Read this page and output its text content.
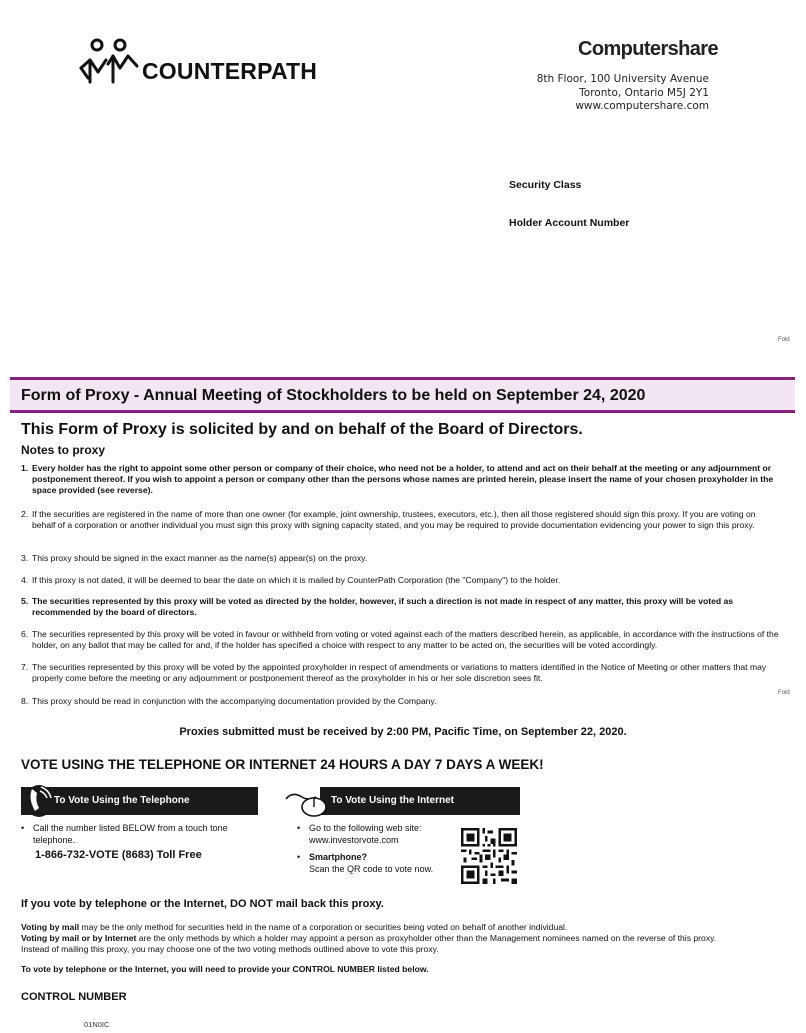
COUNTERPATH
Computershare
8th Floor, 100 University Avenue
Toronto, Ontario M5J 2Y1
www.computershare.com
Security Class
Holder Account Number
Fold
Form of Proxy - Annual Meeting of Stockholders to be held on September 24, 2020
This Form of Proxy is solicited by and on behalf of the Board of Directors.
Notes to proxy
1. Every holder has the right to appoint some other person or company of their choice, who need not be a holder, to attend and act on their behalf at the meeting or any adjournment or postponement thereof. If you wish to appoint a person or company other than the persons whose names are printed herein, please insert the name of your chosen proxyholder in the space provided (see reverse).
2. If the securities are registered in the name of more than one owner (for example, joint ownership, trustees, executors, etc.), then all those registered should sign this proxy. If you are voting on behalf of a corporation or another individual you must sign this proxy with signing capacity stated, and you may be required to provide documentation evidencing your power to sign this proxy.
3. This proxy should be signed in the exact manner as the name(s) appear(s) on the proxy.
4. If this proxy is not dated, it will be deemed to bear the date on which it is mailed by CounterPath Corporation (the "Company") to the holder.
5. The securities represented by this proxy will be voted as directed by the holder, however, if such a direction is not made in respect of any matter, this proxy will be voted as recommended by the board of directors.
6. The securities represented by this proxy will be voted in favour or withheld from voting or voted against each of the matters described herein, as applicable, in accordance with the instructions of the holder, on any ballot that may be called for and, if the holder has specified a choice with respect to any matter to be acted on, the securities will be voted accordingly.
7. The securities represented by this proxy will be voted by the appointed proxyholder in respect of amendments or variations to matters identified in the Notice of Meeting or other matters that may properly come before the meeting or any adjournment or postponement thereof as the proxyholder in his or her sole discretion sees fit.
8. This proxy should be read in conjunction with the accompanying documentation provided by the Company.
Fold
Proxies submitted must be received by 2:00 PM, Pacific Time, on September 22, 2020.
VOTE USING THE TELEPHONE OR INTERNET 24 HOURS A DAY 7 DAYS A WEEK!
To Vote Using the Telephone	To Vote Using the Internet
• Call the number listed BELOW from a touch tone telephone.
1-866-732-VOTE (8683) Toll Free
• Go to the following web site:
www.investorvote.com
• Smartphone?
Scan the QR code to vote now.
If you vote by telephone or the Internet, DO NOT mail back this proxy.
Voting by mail may be the only method for securities held in the name of a corporation or securities being voted on behalf of another individual.
Voting by mail or by Internet are the only methods by which a holder may appoint a person as proxyholder other than the Management nominees named on the reverse of this proxy.
Instead of mailing this proxy, you may choose one of the two voting methods outlined above to vote this proxy.
To vote by telephone or the Internet, you will need to provide your CONTROL NUMBER listed below.
CONTROL NUMBER
01N0IC
